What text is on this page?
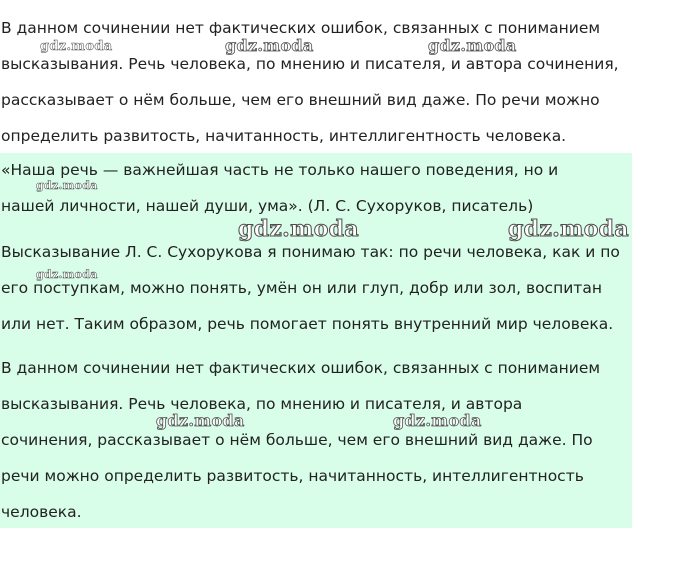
В данном сочинении нет фактических ошибок, связанных с пониманием
высказывания. Речь человека, по мнению и писателя, и автора сочинения,
рассказывает о нём больше, чем его внешний вид даже. По речи можно
определить развитость, начитанность, интеллигентность человека.
«Наша речь — важнейшая часть не только нашего поведения, но и
нашей личности, нашей души, ума». (Л. С. Сухоруков, писатель)
Высказывание Л. С. Сухорукова я понимаю так: по речи человека, как и по
его поступкам, можно понять, умён он или глуп, добр или зол, воспитан
или нет. Таким образом, речь помогает понять внутренний мир человека.
В данном сочинении нет фактических ошибок, связанных с пониманием
высказывания. Речь человека, по мнению и писателя, и автора
сочинения, рассказывает о нём больше, чем его внешний вид даже. По
речи можно определить развитость, начитанность, интеллигентность
человека.
gdz.moda	gdz.moda	gdz.moda
gdz.moda
gdz.moda	gdz.moda
gdz.moda
gdz.moda	gdz.moda
